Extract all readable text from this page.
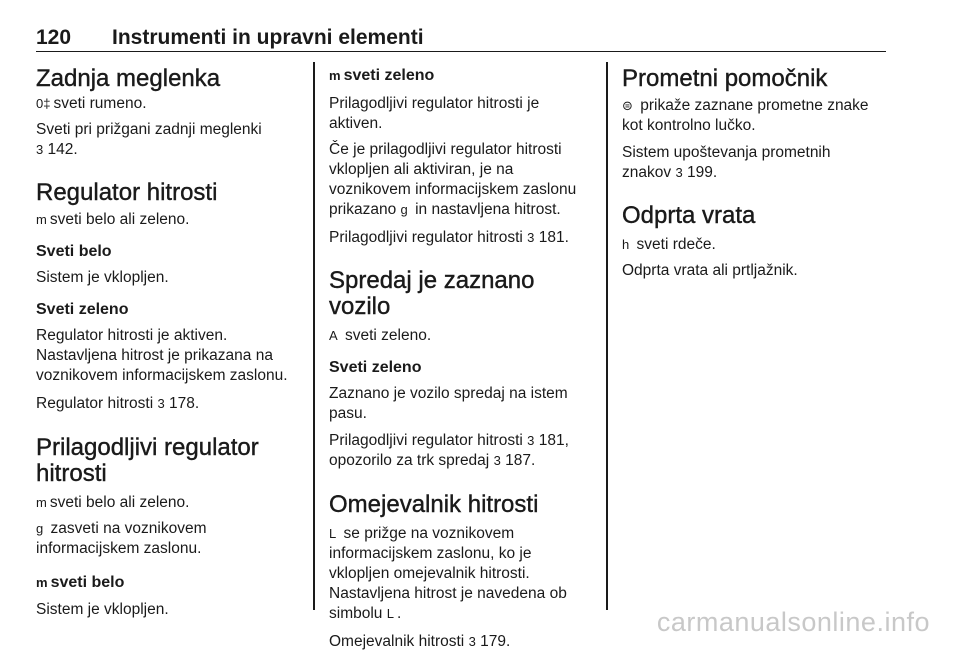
120 Instrumenti in upravni elementi
Zadnja meglenka

0‡ sveti rumeno.

Sveti pri prižgani zadnji meglenki

3 142.

Regulator hitrosti

m sveti belo ali zeleno.

Sveti belo

Sistem je vklopljen.

Sveti zeleno

Regulator hitrosti je aktiven.

Nastavljena hitrost je prikazana na

voznikovem informacijskem zaslonu.

Regulator hitrosti 3 178.

Prilagodljivi regulator
hitrosti

m sveti belo ali zeleno.

g zasveti na voznikovem

informacijskem zaslonu.

m sveti belo

Sistem je vklopljen.

m sveti zeleno

Prilagodljivi regulator hitrosti je

aktiven.

Če je prilagodljivi regulator hitrosti

vklopljen ali aktiviran, je na

voznikovem informacijskem zaslonu

prikazano g in nastavljena hitrost.

Prilagodljivi regulator hitrosti 3 181.

Spredaj je zaznano vozilo

A sveti zeleno.

Sveti zeleno

Zaznano je vozilo spredaj na istem

pasu.

Prilagodljivi regulator hitrosti 3 181,

opozorilo za trk spredaj 3 187.

Omejevalnik hitrosti

L se prižge na voznikovem

informacijskem zaslonu, ko je

vklopljen omejevalnik hitrosti.

Nastavljena hitrost je navedena ob

simbolu L .

Omejevalnik hitrosti 3 179.

Prometni pomočnik

⊜ prikaže zaznane prometne znake

kot kontrolno lučko.

Sistem upoštevanja prometnih

znakov 3 199.

Odprta vrata

h sveti rdeče.

Odprta vrata ali prtljažnik.

carmanualsonline.info
